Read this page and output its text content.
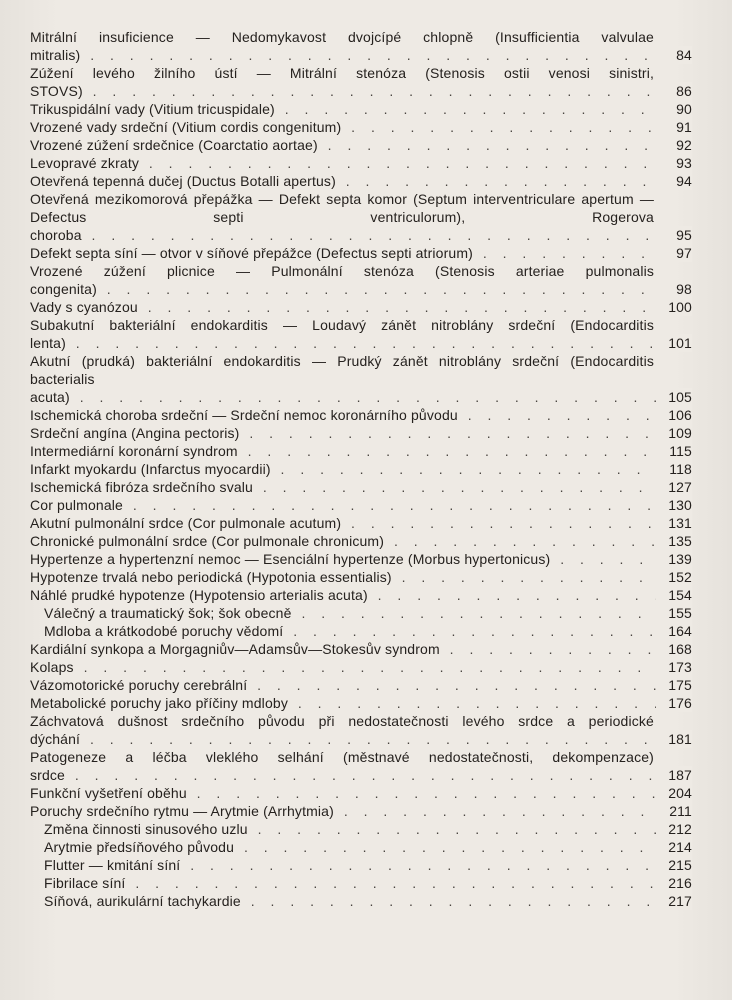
Mitrální insuficience — Nedomykavost dvojcípé chlopně (Insufficientia valvulae mitralis) . . .	84
Zúžení levého žilního ústí — Mitrální stenóza (Stenosis ostii venosi sinistri, STOVS) . . .	86
Trikuspidální vady (Vitium tricuspidale) . . .	90
Vrozené vady srdeční (Vitium cordis congenitum) . . .	91
Vrozené zúžení srdečnice (Coarctatio aortae) . . .	92
Levopravé zkraty . . .	93
Otevřená tepenná dučej (Ductus Botalli apertus) . . .	94
Otevřená mezikomorová přepážka — Defekt septa komor (Septum interventriculare apertum — Defectus septi ventriculorum), Rogerova choroba . . .	95
Defekt septa síní — otvor v síňové přepážce (Defectus septi atriorum) . . .	97
Vrozené zúžení plicnice — Pulmonální stenóza (Stenosis arteriae pulmonalis congenita) . . .	98
Vady s cyanózou . . .	100
Subakutní bakteriální endokarditis — Loudavý zánět nitroblány srdeční (Endocarditis lenta) . . .	101
Akutní (prudká) bakteriální endokarditis — Prudký zánět nitroblány srdeční (Endocarditis bacterialis acuta) . . .	105
Ischemická choroba srdeční — Srdeční nemoc koronárního původu . . .	106
Srdeční angína (Angina pectoris) . . .	109
Intermediární koronární syndrom . . .	115
Infarkt myokardu (Infarctus myocardii) . . .	118
Ischemická fibróza srdečního svalu . . .	127
Cor pulmonale . . .	130
Akutní pulmonální srdce (Cor pulmonale acutum) . . .	131
Chronické pulmonální srdce (Cor pulmonale chronicum) . . .	135
Hypertenze a hypertenzní nemoc — Esenciální hypertenze (Morbus hypertonicus) . . .	139
Hypotenze trvalá nebo periodická (Hypotonia essentialis) . . .	152
Náhlé prudké hypotenze (Hypotensio arterialis acuta) . . .	154
Válečný a traumatický šok; šok obecně . . .	155
Mdloba a krátkodobé poruchy vědomí . . .	164
Kardiální synkopa a Morgagniův—Adamsův—Stokesův syndrom . . .	168
Kolaps . . .	173
Vázomotorické poruchy cerebrální . . .	175
Metabolické poruchy jako příčiny mdloby . . .	176
Záchvatová dušnost srdečního původu při nedostatečnosti levého srdce a periodické dýchání . . .	181
Patogeneze a léčba vleklého selhání (městnavé nedostatečnosti, dekompenzace) srdce . . .	187
Funkční vyšetření oběhu . . .	204
Poruchy srdečního rytmu — Arytmie (Arrhytmia) . . .	211
Změna činnosti sinusového uzlu . . .	212
Arytmie předsíňového původu . . .	214
Flutter — kmitání síní . . .	215
Fibrilace síní . . .	216
Síňová, aurikulární tachykardie . . .	217
